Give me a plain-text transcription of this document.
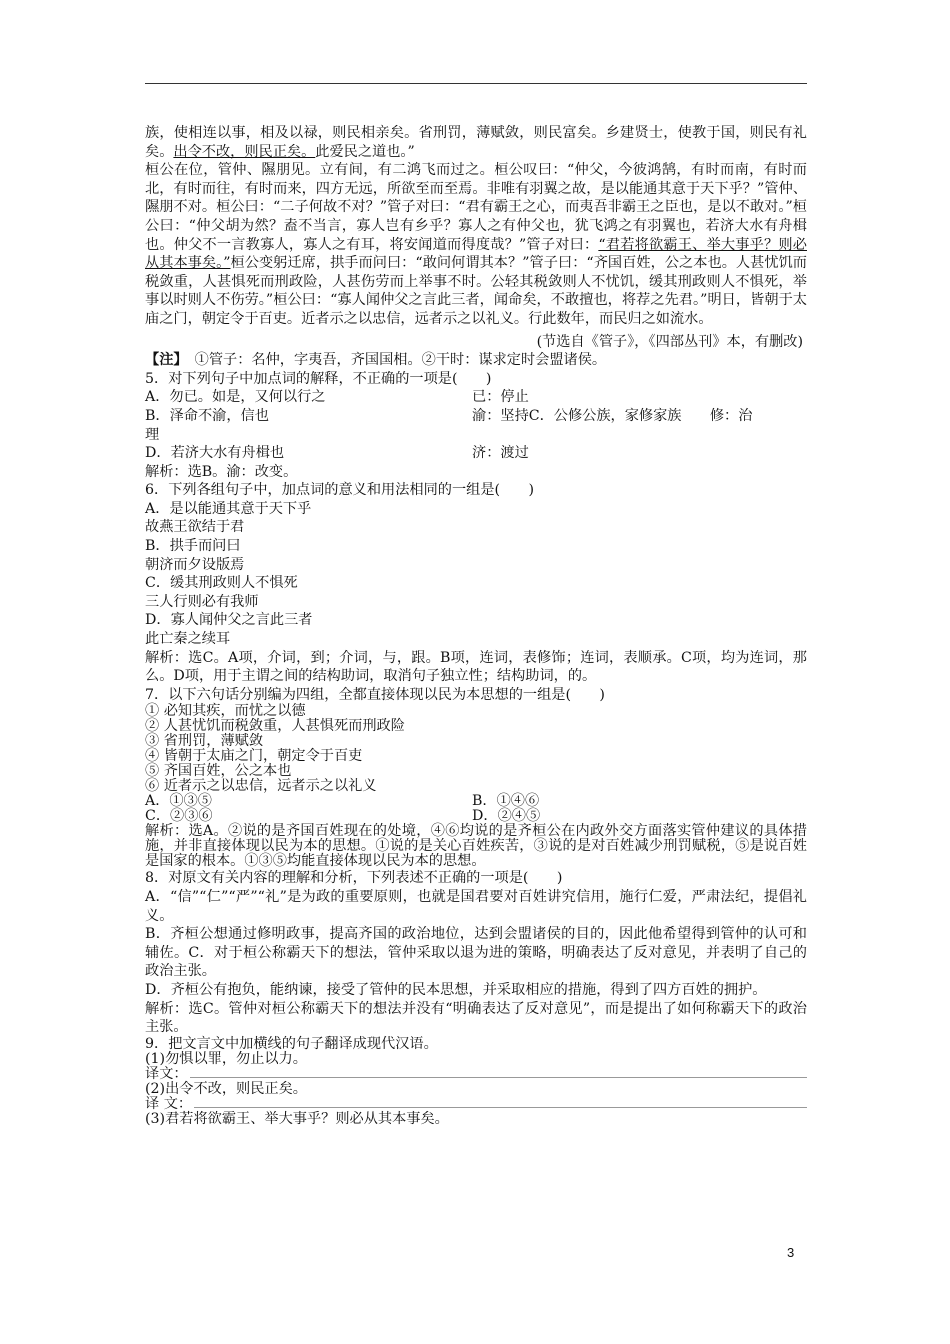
族，使相连以事，相及以禄，则民相亲矣。省刑罚，薄赋敛，则民富矣。乡建贤士，使教于国，则民有礼矣。出令不改，则民正矣。此爱民之道也。”

桓公在位，管仲、隰朋见。立有间，有二鸿飞而过之。桓公叹曰：“仲父，今彼鸿鹄，有时而南，有时而北，有时而往，有时而来，四方无远，所欲至而至焉。非唯有羽翼之故，是以能通其意于天下乎？”管仲、隰朋不对。桓公曰：“二子何故不对？”管子对曰：“君有霸王之心，而夷吾非霸王之臣也，是以不敢对。”桓公曰：“仲父胡为然？盍不当言，寡人岂有乡乎？寡人之有仲父也，犹飞鸿之有羽翼也，若济大水有舟楫也。仲父不一言教寡人，寡人之有耳，将安闻道而得度哉？”管子对曰：“君若将欲霸王、举大事乎？则必从其本事矣。”桓公变躬迁席，拱手而问曰：“敢问何谓其本？”管子曰：“齐国百姓，公之本也。人甚忧饥而税敛重，人甚惧死而刑政险，人甚伤劳而上举事不时。公轻其税敛则人不忧饥，缓其刑政则人不惧死，举事以时则人不伤劳。”桓公曰：“寡人闻仲父之言此三者，闻命矣，不敢擅也，将荐之先君。”明日，皆朝于太庙之门，朝定令于百吏。近者示之以忠信，远者示之以礼义。行此数年，而民归之如流水。

(节选自《管子》，《四部丛刊》本，有删改)

【注】　 ①管子：名仲，字夷吾，齐国国相。②干时：谋求定时会盟诸侯。

5．对下列句子中加点词的解释，不正确的一项是(　　)

A．勿已。如是，又何以行之	已：停止

B．泽命不渝，信也	渝：坚持C．公修公族，家修家族　　修：治

理

D．若济大水有舟楫也	济：渡过

解析：选B。渝：改变。

6．下列各组句子中，加点词的意义和用法相同的一组是(　　)

A．是以能通其意于天下乎

故燕王欲结于君

B．拱手而问曰

朝济而夕设版焉

C．缓其刑政则人不惧死

三人行则必有我师

D．寡人闻仲父之言此三者

此亡秦之续耳

解析：选C。A项，介词，到；介词，与，跟。B项，连词，表修饰；连词，表顺承。C项，均为连词，那么。D项，用于主谓之间的结构助词，取消句子独立性；结构助词，的。

7．以下六句话分别编为四组，全都直接体现以民为本思想的一组是(　　)

① 必知其疾，而忧之以德

② 人甚忧饥而税敛重，人甚惧死而刑政险

③ 省刑罚，薄赋敛

④ 皆朝于太庙之门，朝定令于百吏

⑤ 齐国百姓，公之本也

⑥ 近者示之以忠信，远者示之以礼义

A．①③⑤	B．①④⑥

C．②③⑥	D．②④⑤

解析：选A。②说的是齐国百姓现在的处境，④⑥均说的是齐桓公在内政外交方面落实管仲建议的具体措施，并非直接体现以民为本的思想。①说的是关心百姓疾苦，③说的是对百姓减少刑罚赋税，⑤是说百姓是国家的根本。①③⑤均能直接体现以民为本的思想。

8．对原文有关内容的理解和分析，下列表述不正确的一项是(　　)

A．“信”“仁”“严”“礼”是为政的重要原则，也就是国君要对百姓讲究信用，施行仁爱，严肃法纪，提倡礼义。

B．齐桓公想通过修明政事，提高齐国的政治地位，达到会盟诸侯的目的，因此他希望得到管仲的认可和辅佐。C．对于桓公称霸天下的想法，管仲采取以退为进的策略，明确表达了反对意见，并表明了自己的政治主张。

D．齐桓公有抱负，能纳谏，接受了管仲的民本思想，并采取相应的措施，得到了四方百姓的拥护。

解析：选C。管仲对桓公称霸天下的想法并没有“明确表达了反对意见”，而是提出了如何称霸天下的政治主张。

9．把文言文中加横线的句子翻译成现代汉语。

(1)勿惧以罪，勿止以力。

译文：

(2)出令不改，则民正矣。

译 文：

(3)君若将欲霸王、举大事乎？则必从其本事矣。

3
